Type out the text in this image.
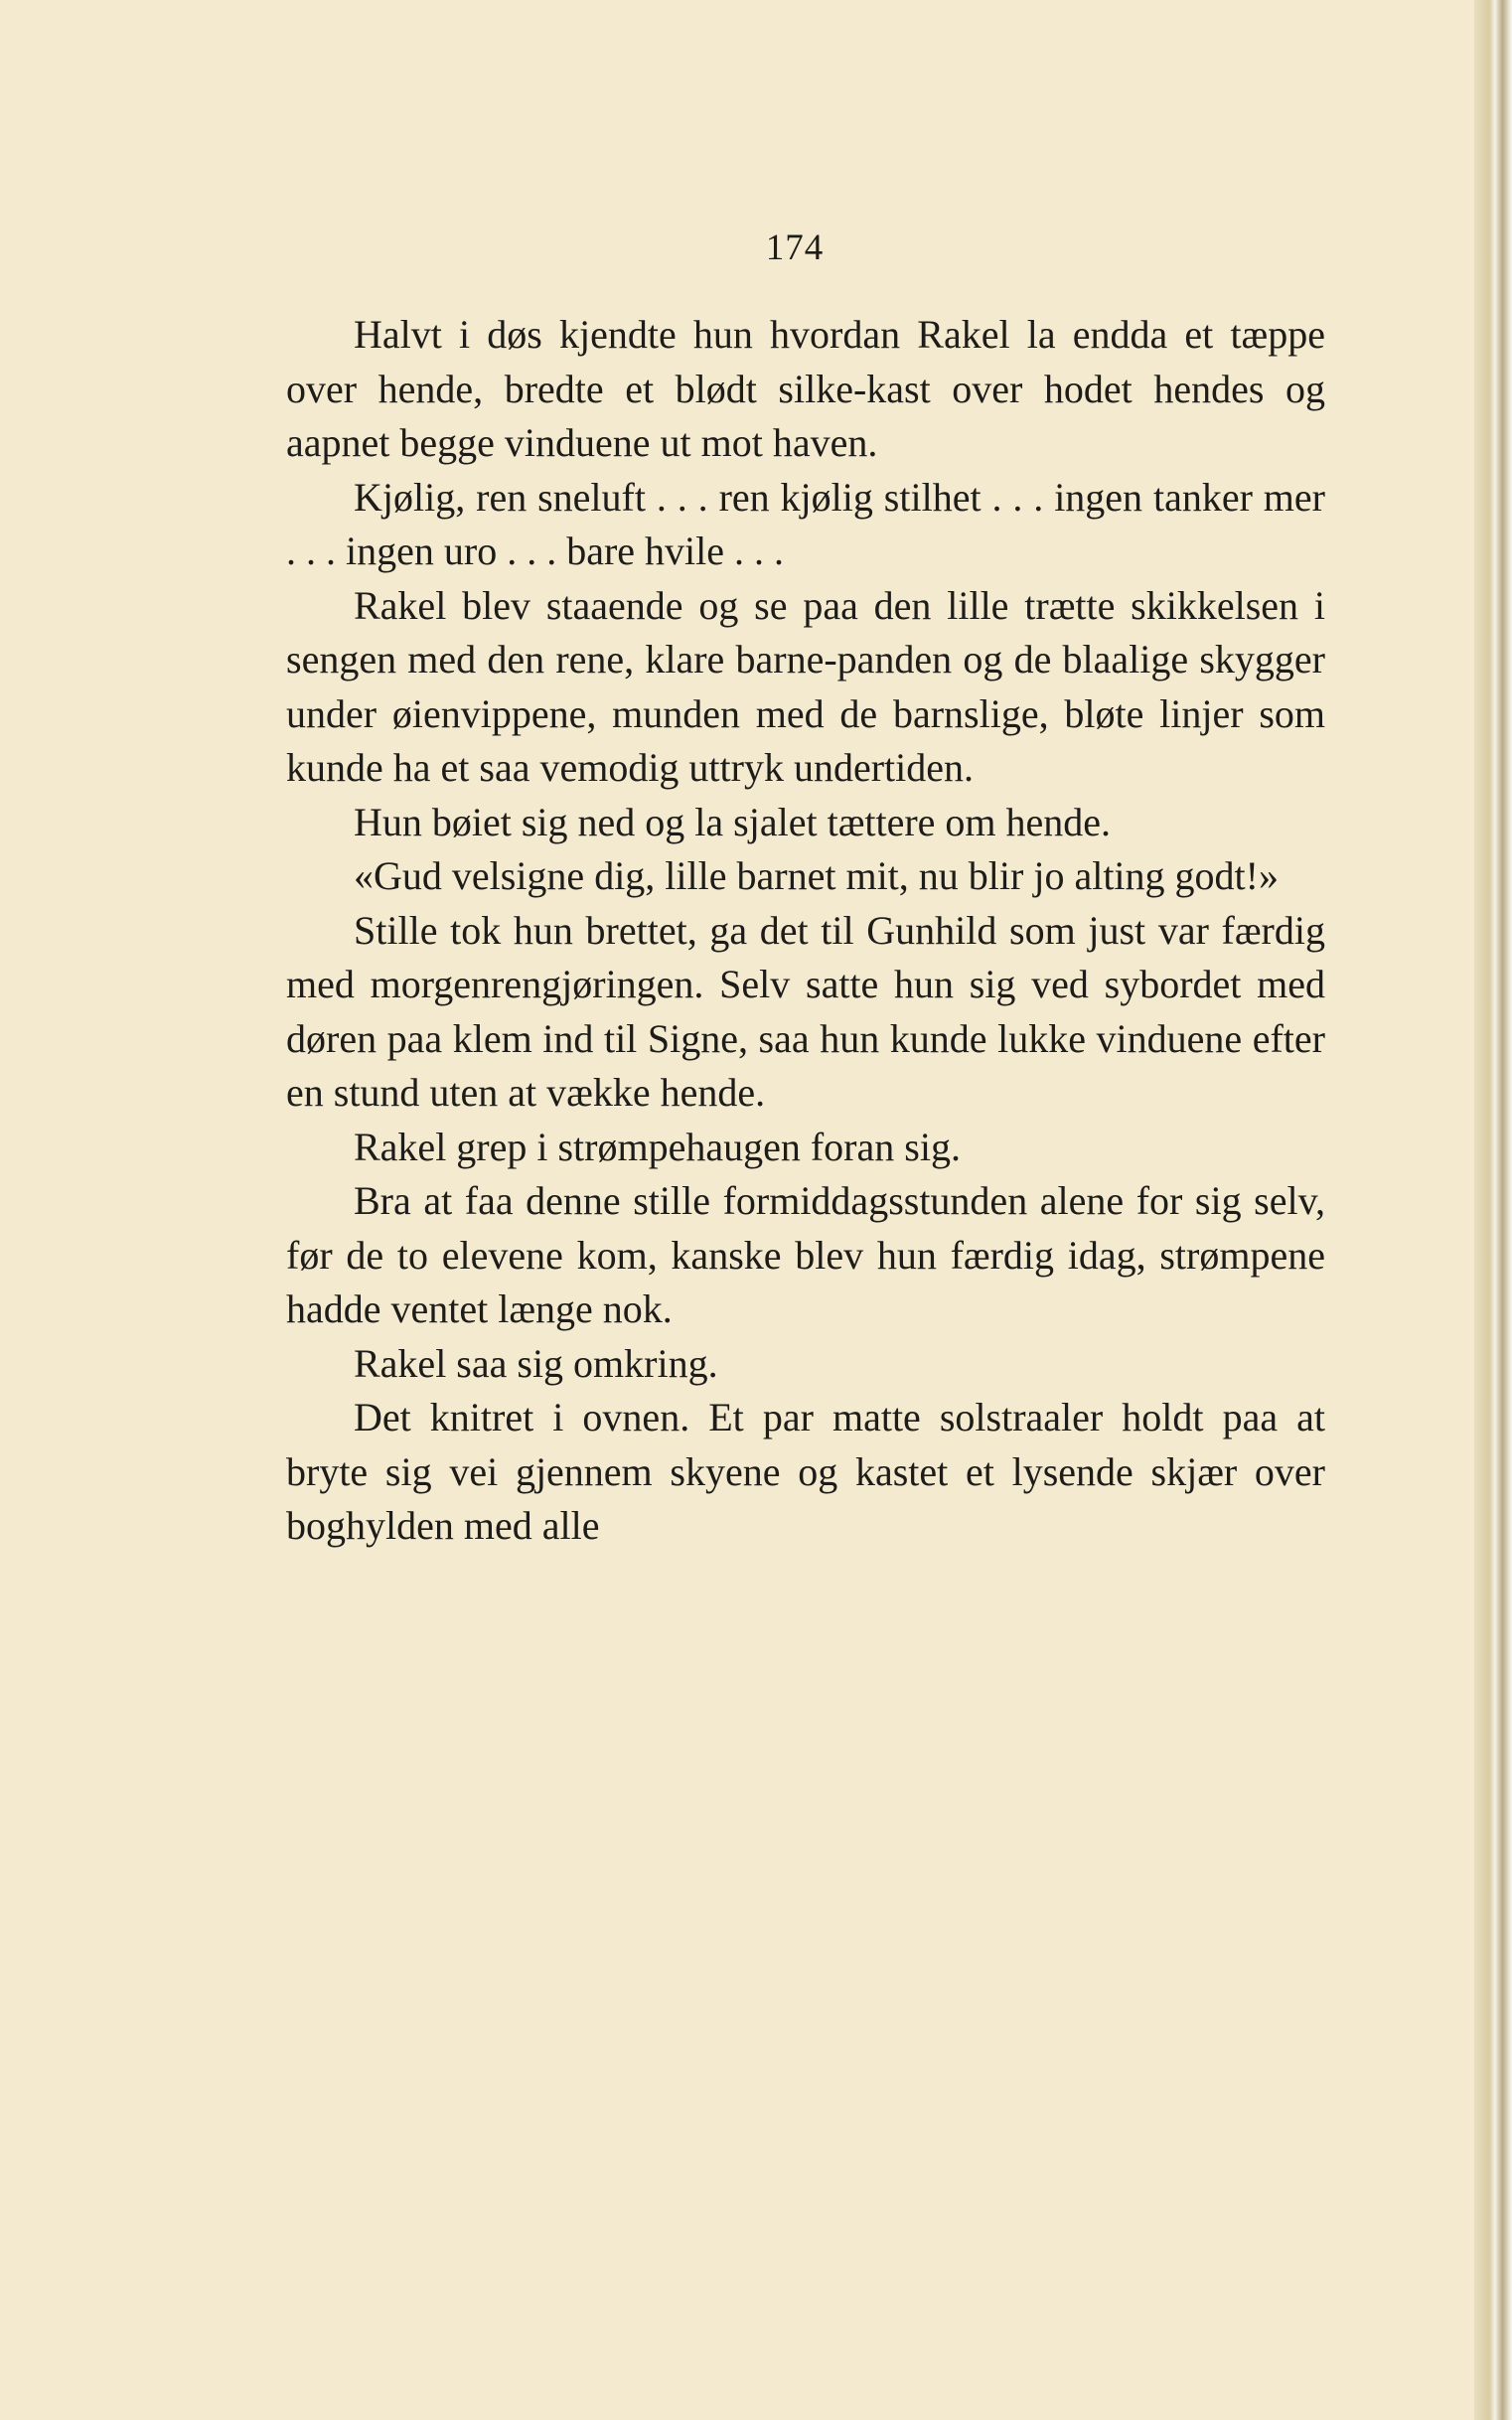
174

Halvt i døs kjendte hun hvordan Rakel la endda et tæppe over hende, bredte et blødt silke-kast over hodet hendes og aapnet begge vinduene ut mot haven.

Kjølig, ren sneluft . . . ren kjølig stilhet . . . ingen tanker mer . . . ingen uro . . . bare hvile . . .

Rakel blev staaende og se paa den lille trætte skikkelsen i sengen med den rene, klare barne-panden og de blaalige skygger under øienvippene, munden med de barnslige, bløte linjer som kunde ha et saa vemodig uttryk undertiden.

Hun bøiet sig ned og la sjalet tættere om hende.

«Gud velsigne dig, lille barnet mit, nu blir jo alting godt!»

Stille tok hun brettet, ga det til Gunhild som just var færdig med morgenrengjøringen. Selv satte hun sig ved sybordet med døren paa klem ind til Signe, saa hun kunde lukke vinduene efter en stund uten at vække hende.

Rakel grep i strømpehaugen foran sig.

Bra at faa denne stille formiddagsstunden alene for sig selv, før de to elevene kom, kanske blev hun færdig idag, strømpene hadde ventet længe nok.

Rakel saa sig omkring.

Det knitret i ovnen. Et par matte solstraaler holdt paa at bryte sig vei gjennem skyene og kastet et lysende skjær over boghylden med alle
